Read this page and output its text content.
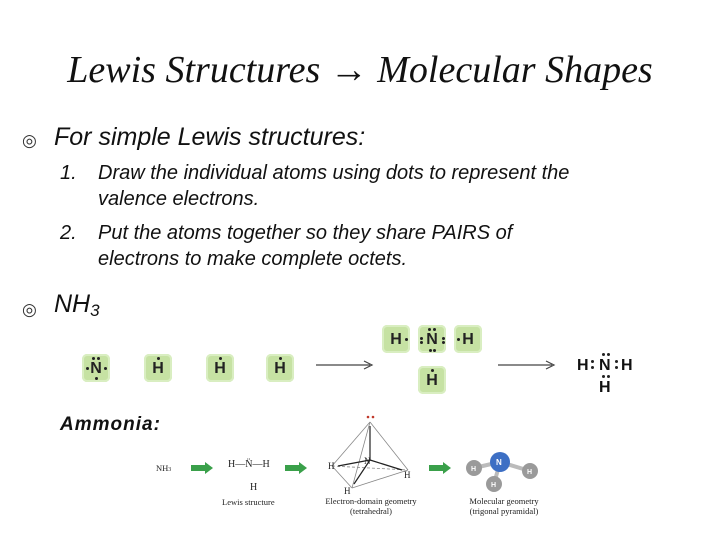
Lewis Structures → Molecular Shapes
◎ For simple Lewis structures:
1. Draw the individual atoms using dots to represent the
valence electrons.
2. Put the atoms together so they share PAIRS of
electrons to make complete octets.
◎ $NH_3$
N	H	H	H
H	N	H
H
H N H
H
Ammonia:
NH3	H—N̈—H
H
Lewis structure
N
H
H
H
Electron-domain geometry
(tetrahedral)
N
H	H
H
Molecular geometry
(trigonal pyramidal)
